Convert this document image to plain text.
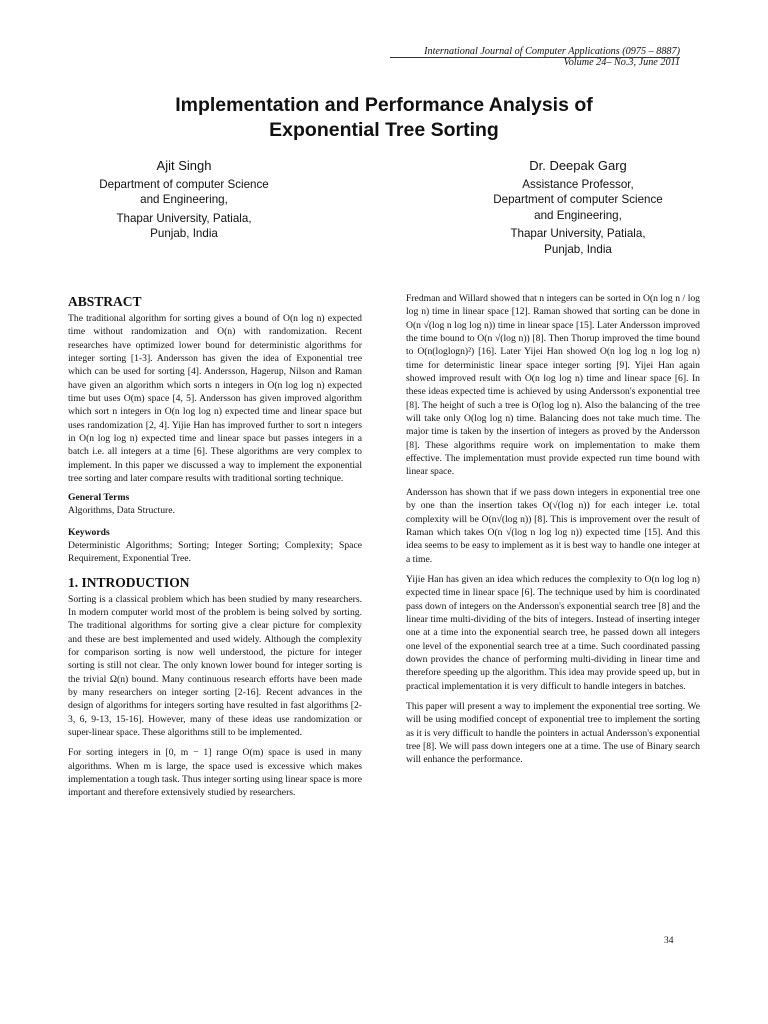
International Journal of Computer Applications (0975 – 8887)
Volume 24– No.3, June 2011
Implementation and Performance Analysis of
Exponential Tree Sorting
Ajit Singh
Department of computer Science
and Engineering,
Thapar University, Patiala,
Punjab, India
Dr. Deepak Garg
Assistance Professor,
Department of computer Science
and Engineering,
Thapar University, Patiala,
Punjab, India
ABSTRACT

The traditional algorithm for sorting gives a bound of O(n log n) expected time without randomization and O(n) with randomization. Recent researches have optimized lower bound for deterministic algorithms for integer sorting [1-3]. Andersson has given the idea of Exponential tree which can be used for sorting [4]. Andersson, Hagerup, Nilson and Raman have given an algorithm which sorts n integers in O(n log log n) expected time but uses O(m) space [4, 5]. Andersson has given improved algorithm which sort n integers in O(n log log n) expected time and linear space but uses randomization [2, 4]. Yijie Han has improved further to sort n integers in O(n log log n) expected time and linear space but passes integers in a batch i.e. all integers at a time [6]. These algorithms are very complex to implement. In this paper we discussed a way to implement the exponential tree sorting and later compare results with traditional sorting technique.

General Terms

Algorithms, Data Structure.

Keywords

Deterministic Algorithms; Sorting; Integer Sorting; Complexity; Space Requirement, Exponential Tree.

1. INTRODUCTION

Sorting is a classical problem which has been studied by many researchers. In modern computer world most of the problem is being solved by sorting. The traditional algorithms for sorting give a clear picture for complexity and these are best implemented and used widely. Although the complexity for comparison sorting is now well understood, the picture for integer sorting is still not clear. The only known lower bound for integer sorting is the trivial Ω(n) bound. Many continuous research efforts have been made by many researchers on integer sorting [2-16]. Recent advances in the design of algorithms for integers sorting have resulted in fast algorithms [2-3, 6, 9-13, 15-16]. However, many of these ideas use randomization or super-linear space. These algorithms still to be implemented.

For sorting integers in [0, m − 1] range O(m) space is used in many algorithms. When m is large, the space used is excessive which makes implementation a tough task. Thus integer sorting using linear space is more important and therefore extensively studied by researchers.

Fredman and Willard showed that n integers can be sorted in O(n log n / log log n) time in linear space [12]. Raman showed that sorting can be done in O(n √(log n log log n)) time in linear space [15]. Later Andersson improved the time bound to O(n √(log n)) [8]. Then Thorup improved the time bound to O(n(loglogn)²) [16]. Later Yijei Han showed O(n log log n log log n) time for deterministic linear space integer sorting [9]. Yijei Han again showed improved result with O(n log log n) time and linear space [6]. In these ideas expected time is achieved by using Andersson's exponential tree [8]. The height of such a tree is O(log log n). Also the balancing of the tree will take only O(log log n) time. Balancing does not take much time. The major time is taken by the insertion of integers as proved by the Andersson [8]. These algorithms require work on implementation to make them effective. The implementation must provide expected run time bound with linear space.

Andersson has shown that if we pass down integers in exponential tree one by one than the insertion takes O(√(log n)) for each integer i.e. total complexity will be O(n√(log n)) [8]. This is improvement over the result of Raman which takes O(n √(log n log log n)) expected time [15]. And this idea seems to be easy to implement as it is best way to handle one integer at a time.

Yijie Han has given an idea which reduces the complexity to O(n log log n) expected time in linear space [6]. The technique used by him is coordinated pass down of integers on the Andersson's exponential search tree [8] and the linear time multi-dividing of the bits of integers. Instead of inserting integer one at a time into the exponential search tree, he passed down all integers one level of the exponential search tree at a time. Such coordinated passing down provides the chance of performing multi-dividing in linear time and therefore speeding up the algorithm. This idea may provide speed up, but in practical implementation it is very difficult to handle integers in batches.

This paper will present a way to implement the exponential tree sorting. We will be using modified concept of exponential tree to implement the sorting as it is very difficult to handle the pointers in actual Andersson's exponential tree [8]. We will pass down integers one at a time. The use of Binary search will enhance the performance.

34
